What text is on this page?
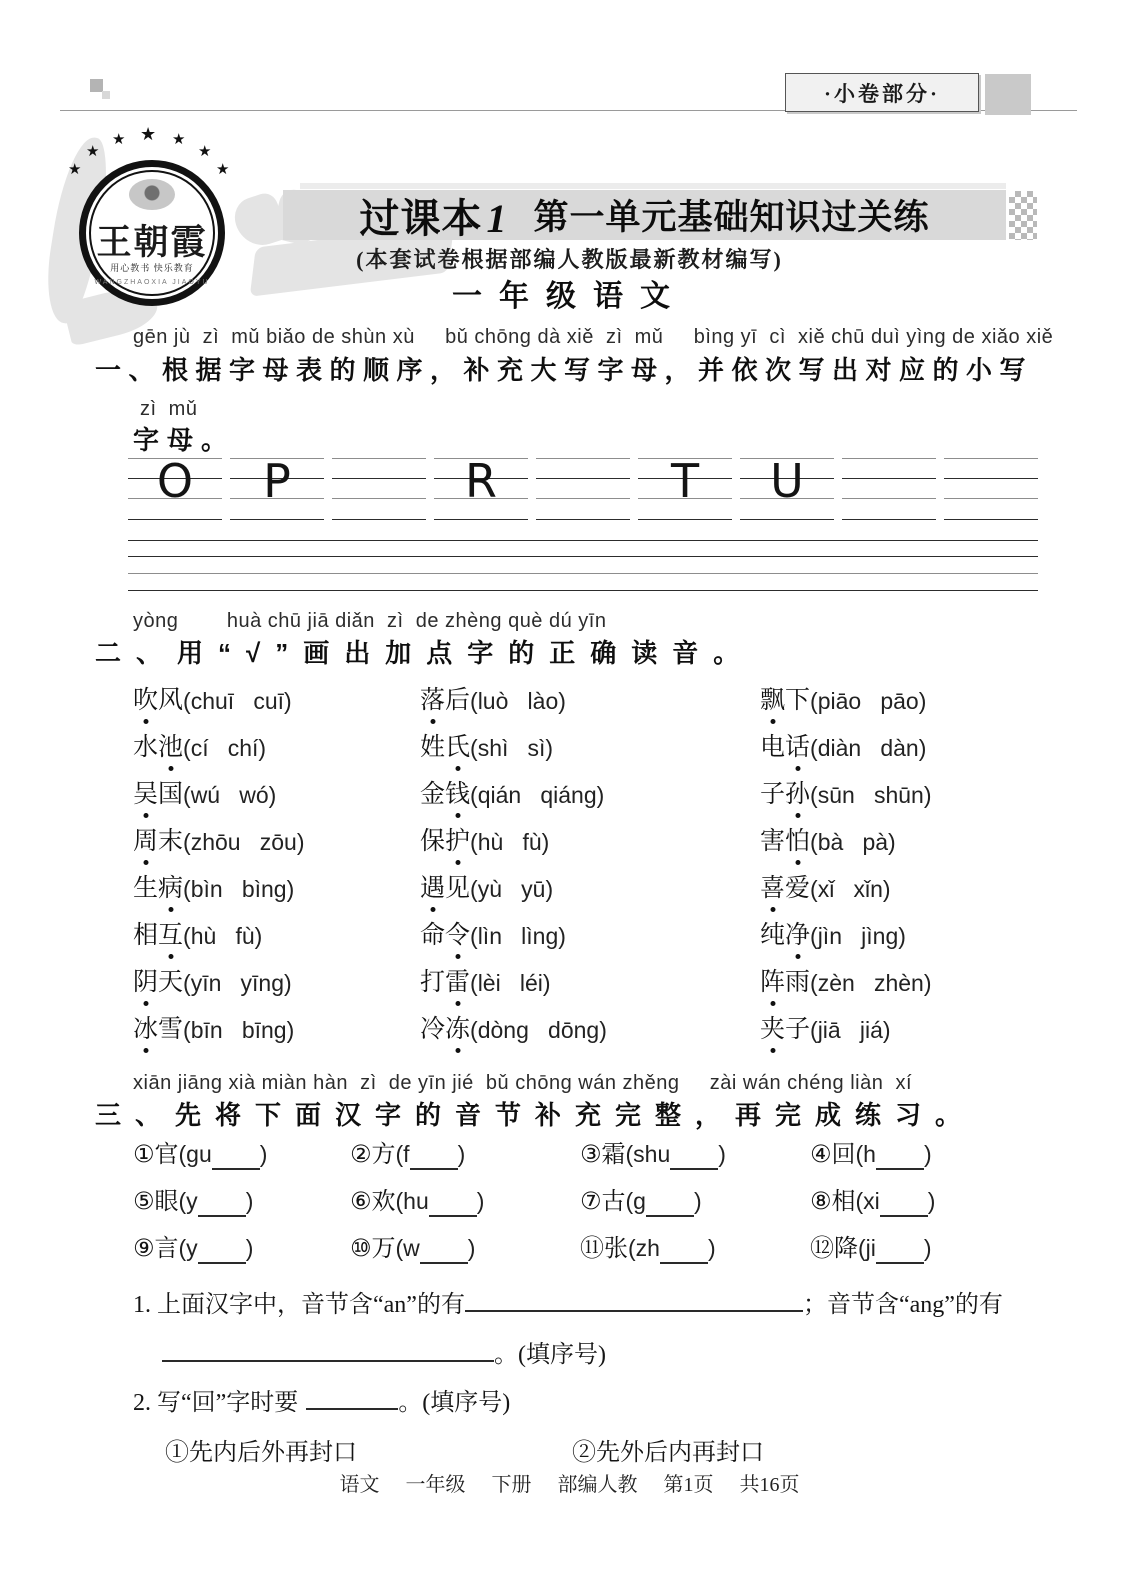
·小卷部分·
★
★	★
★	★
★	★
王朝霞
用心教书 快乐教育
WANGZHAOXIA JIAOYU
过课本 1 第一单元基础知识过关练
(本套试卷根据部编人教版最新教材编写)
一年级语文
gēn jù  zì  mǔ biǎo de shùn xù     bǔ chōng dà xiě  zì  mǔ     bìng yī  cì  xiě chū duì yìng de xiǎo xiě
一、根据字母表的顺序，补充大写字母，并依次写出对应的小写
zì  mǔ
字母。
O	P	R	T	U
yòng        huà chū jiā diǎn  zì  de zhèng què dú yīn
二、用“√”画出加点字的正确读音。
吹风 (chuī   cuī)	落后 (luò   lào)	飘下 (piāo   pāo)
水池 (cí   chí)	姓氏 (shì   sì)	电话 (diàn   dàn)
吴国 (wú   wó)	金钱 (qián   qiáng)	子孙 (sūn   shūn)
周末 (zhōu   zōu)	保护 (hù   fù)	害怕 (bà   pà)
生病 (bìn   bìng)	遇见 (yù   yū)	喜爱 (xǐ   xǐn)
相互 (hù   fù)	命令 (lìn   lìng)	纯净 (jìn   jìng)
阴天 (yīn   yīng)	打雷 (lèi   léi)	阵雨 (zèn   zhèn)
冰雪 (bīn   bīng)	冷冻 (dòng   dōng)	夹子 (jiā   jiá)
xiān jiāng xià miàn hàn  zì  de yīn jié  bǔ chōng wán zhěng     zài wán chéng liàn  xí
三、先将下面汉字的音节补充完整，再完成练习。
①官 (gu )	②方 (f )	③霜 (shu )	④回 (h )
⑤眼 (y )	⑥欢 (hu )	⑦古 (g )	⑧相 (xi )
⑨言 (y )	⑩万 (w )	⑪张 (zh )	⑫降 (ji )
1. 上面汉字中，音节含“an”的有	；音节含“ang”的有
。(填序号)
2. 写“回”字时要	。(填序号)
①先内后外再封口	②先外后内再封口
语文 一年级 下册 部编人教 第1页 共16页
